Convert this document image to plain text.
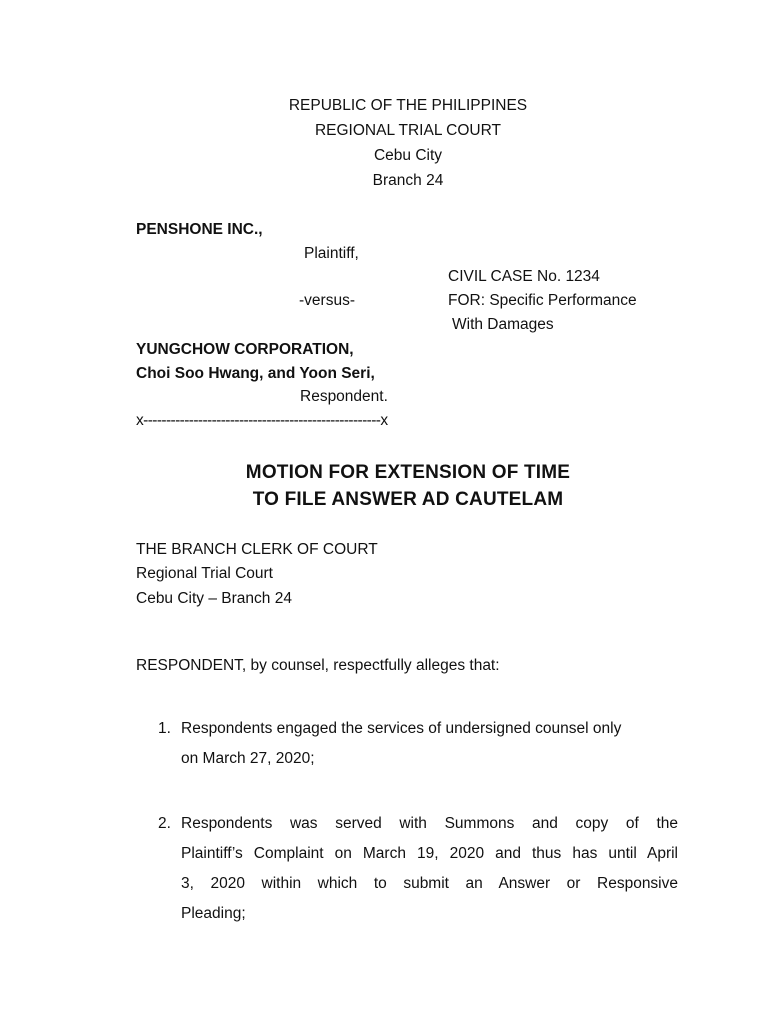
REPUBLIC OF THE PHILIPPINES
REGIONAL TRIAL COURT
Cebu City
Branch 24
PENSHONE INC.,
Plaintiff,
CIVIL CASE No. 1234
-versus-	FOR: Specific Performance
With Damages
YUNGCHOW CORPORATION,
Choi Soo Hwang, and Yoon Seri,
Respondent.
x----------------------------------------------------x
MOTION FOR EXTENSION OF TIME
TO FILE ANSWER AD CAUTELAM
THE BRANCH CLERK OF COURT
Regional Trial Court
Cebu City – Branch 24
RESPONDENT, by counsel, respectfully alleges that:
1. Respondents engaged the services of undersigned counsel only
on March 27, 2020;
2. Respondents was served with Summons and copy of the
Plaintiff’s Complaint on March 19, 2020 and thus has until April
3, 2020 within which to submit an Answer or Responsive
Pleading;
